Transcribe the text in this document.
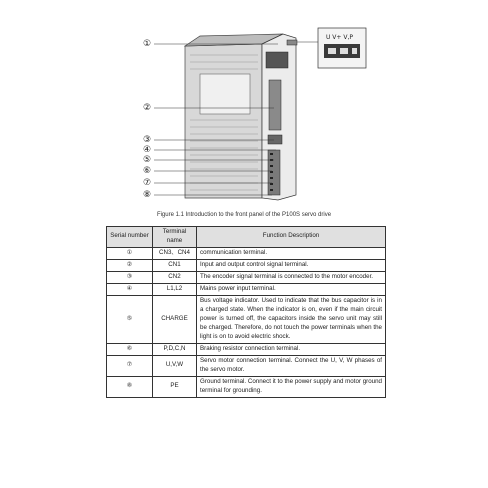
①
②
③
④
⑤
⑥
⑦
⑧
U V+ V,P
Figure 1.1 Introduction to the front panel of the P100S servo drive
Serial number	Terminal name	Function Description
①	CN3、CN4	communication terminal.
②	CN1	Input and output control signal terminal.
③	CN2	The encoder signal terminal is connected to the motor encoder.
④	L1,L2	Mains power input terminal.
⑤	CHARGE	Bus voltage indicator. Used to indicate that the bus capacitor is in a charged state. When the indicator is on, even if the main circuit power is turned off, the capacitors inside the servo unit may still be charged. Therefore, do not touch the power terminals when the light is on to avoid electric shock.
⑥	P,D,C,N	Braking resistor connection terminal.
⑦	U,V,W	Servo motor connection terminal. Connect the U, V, W phases of the servo motor.
⑧	PE	Ground terminal. Connect it to the power supply and motor ground terminal for grounding.
